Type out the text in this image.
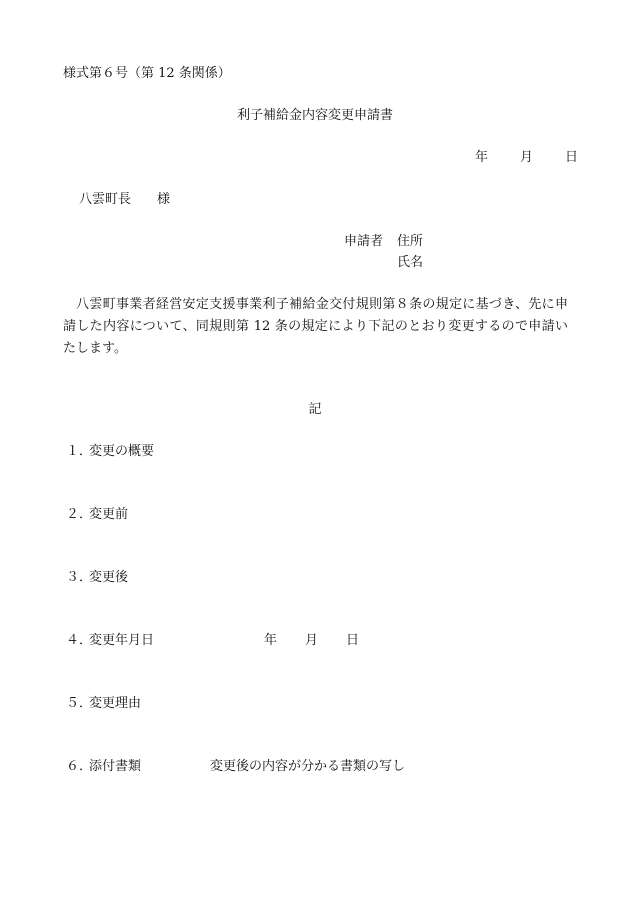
様式第６号（第 12 条関係）
利子補給金内容変更申請書
年 月 日
八雲町長 様
申請者 住所
氏名
八雲町事業者経営安定支援事業利子補給金交付規則第８条の規定に基づき、先に申請した内容について、同規則第 12 条の規定により下記のとおり変更するので申請いたします。
記
１．
変更の概要
２．
変更前
３．
変更後
４．
変更年月日	年 月 日
５．
変更理由
６．
添付書類	変更後の内容が分かる書類の写し
